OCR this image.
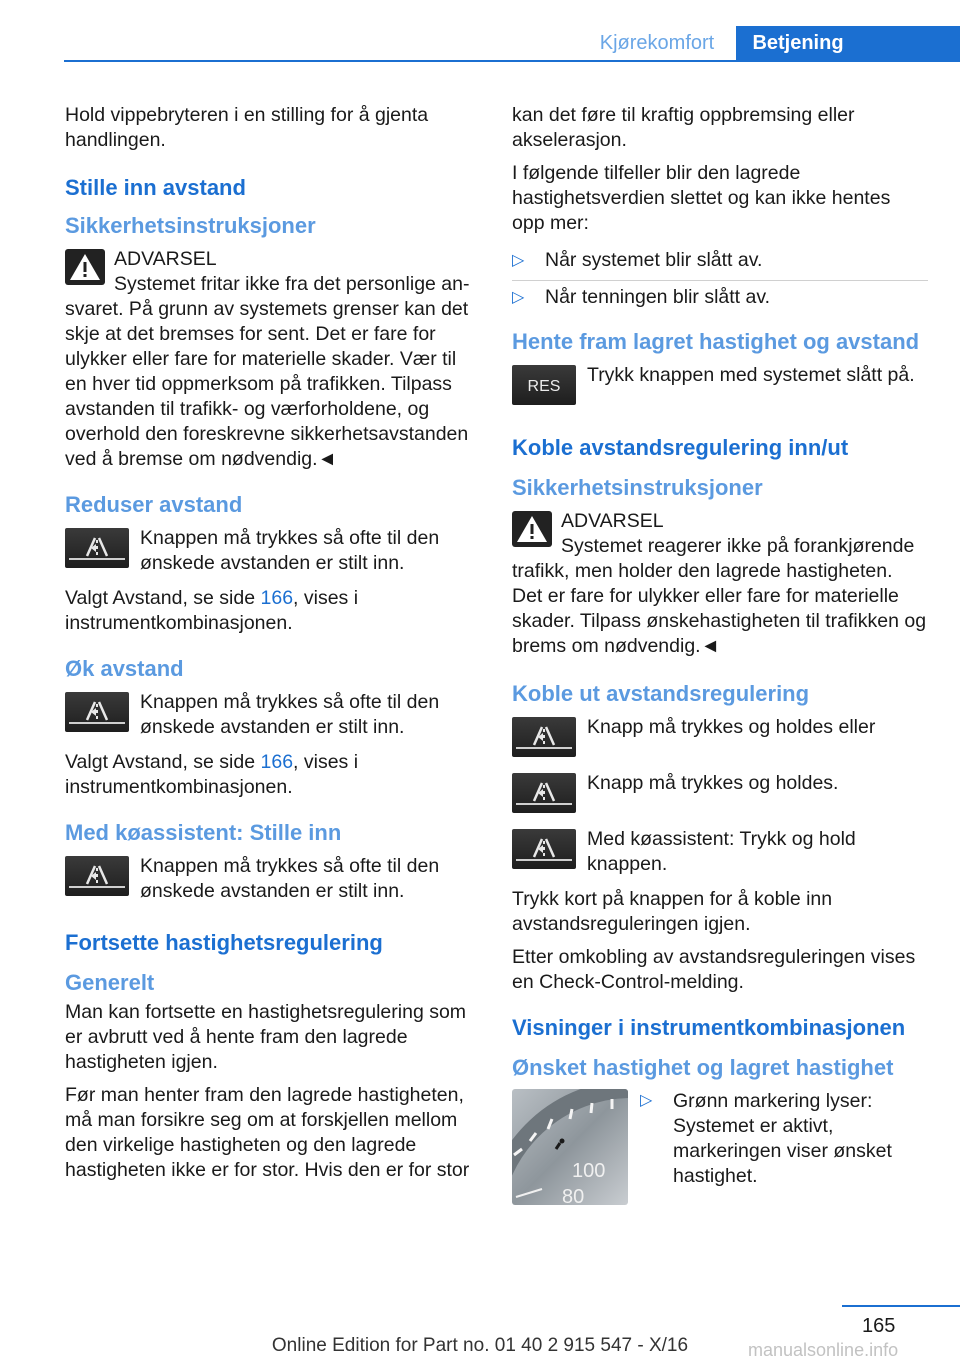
Kjørekomfort	Betjening

Hold vippebryteren i en stilling for å gjenta handlingen.

Stille inn avstand
Sikkerhetsinstruksjoner

ADVARSEL

Systemet fritar ikke fra det personlige an-

svaret. På grunn av systemets grenser kan det skje at det bremses for sent. Det er fare for ulykker eller fare for materielle skader. Vær til en hver tid oppmerksom på trafikken. Tilpass avstanden til trafikk- og værforholdene, og overhold den foreskrevne sikkerhetsavstanden ved å bremse om nødvendig.◄

Reduser avstand

Knappen må trykkes så ofte til den ønskede avstanden er stilt inn.

Valgt Avstand, se side 166, vises i instrumentkombinasjonen.

Øk avstand

Knappen må trykkes så ofte til den ønskede avstanden er stilt inn.

Valgt Avstand, se side 166, vises i instrumentkombinasjonen.

Med køassistent: Stille inn

Knappen må trykkes så ofte til den ønskede avstanden er stilt inn.

Fortsette hastighetsregulering
Generelt

Man kan fortsette en hastighetsregulering som er avbrutt ved å hente fram den lagrede hastigheten igjen.

Før man henter fram den lagrede hastigheten, må man forsikre seg om at forskjellen mellom den virkelige hastigheten og den lagrede hastigheten ikke er for stor. Hvis den er for stor

kan det føre til kraftig oppbremsing eller akselerasjon.

I følgende tilfeller blir den lagrede hastighetsverdien slettet og kan ikke hentes opp mer:

▷ Når systemet blir slått av.
▷ Når tenningen blir slått av.
Hente fram lagret hastighet og avstand
RES

Trykk knappen med systemet slått på.

Koble avstandsregulering inn/ut
Sikkerhetsinstruksjoner

ADVARSEL

Systemet reagerer ikke på forankjørende

trafikk, men holder den lagrede hastigheten. Det er fare for ulykker eller fare for materielle skader. Tilpass ønskehastigheten til trafikken og brems om nødvendig.◄

Koble ut avstandsregulering

Knapp må trykkes og holdes eller

Knapp må trykkes og holdes.

Med køassistent: Trykk og hold knappen.

Trykk kort på knappen for å koble inn avstandsreguleringen igjen.

Etter omkobling av avstandsreguleringen vises en Check-Control-melding.

Visninger i instrumentkombinasjonen
Ønsket hastighet og lagret hastighet
100
80
▷	Grønn markering lyser: Systemet er aktivt, markeringen viser ønsket hastighet.

165
Online Edition for Part no. 01 40 2 915 547 - X/16	manualsonline.info
